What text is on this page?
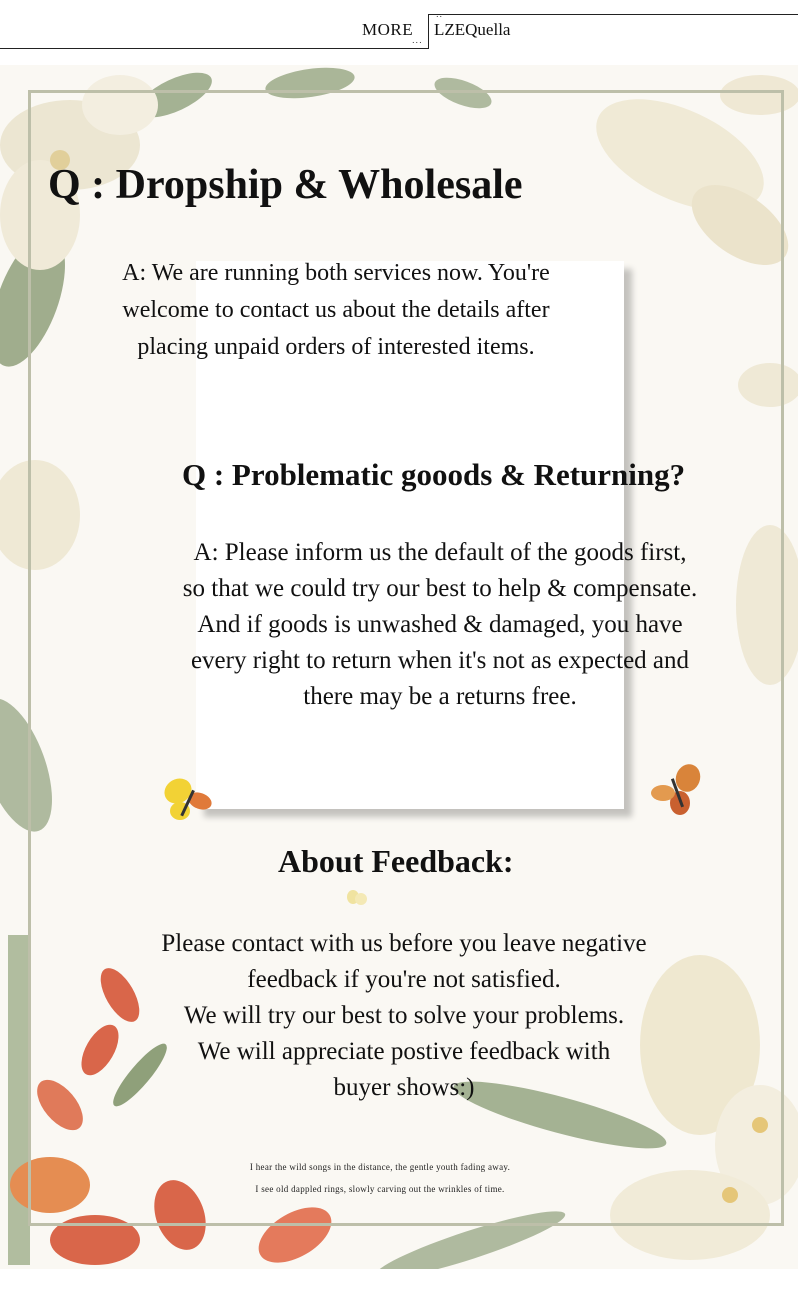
MORE
...
..
LZEQuella
Q : Dropship & Wholesale
A: We are running both services now. You're
welcome to contact us about the details after
placing unpaid orders of interested items.
Q : Problematic gooods & Returning?
A: Please inform us the default of the goods first,
so that we could try our best to help & compensate.
And if goods is unwashed & damaged, you have
every right to return when it's not as expected and
there may be a returns free.
About Feedback:
Please contact with us before you leave negative
feedback if you're not satisfied.
We will try our best to solve your problems.
We will appreciate postive feedback with
buyer shows:)
I hear the wild songs in the distance, the gentle youth fading away.
I see old dappled rings, slowly carving out the wrinkles of time.
